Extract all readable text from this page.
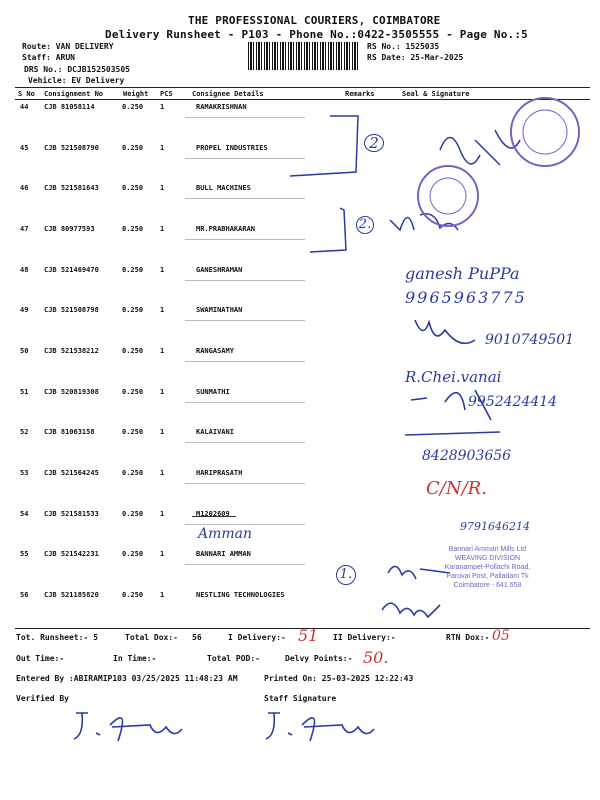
THE PROFESSIONAL COURIERS, COIMBATORE
Delivery Runsheet - P103 - Phone No.:0422-3505555 - Page No.:5
Route: VAN DELIVERY
Staff: ARUN
DRS No.: DCJB152503505
Vehicle: EV Delivery
RS No.: 1525035
RS Date: 25-Mar-2025
S No Consignment No	Weight PCS	Consignee Details	Remarks	Seal & Signature
44 CJB 81058114	0.250 1	RAMAKRISHNAN
45 CJB 521508790	0.250 1	PROPEL INDUSTRIES
46 CJB 521581643	0.250 1	BULL MACHINES
47 CJB 80977593	0.250 1	MR.PRABHAKARAN
48 CJB 521469470	0.250 1	GANESHRAMAN
49 CJB 521508798	0.250 1	SWAMINATHAN
50 CJB 521538212	0.250 1	RANGASAMY
51 CJB 520819308	0.250 1	SUNMATHI
52 CJB 81063158	0.250 1	KALAIVANI
53 CJB 521564245	0.250 1	HARIPRASATH
54 CJB 521581533	0.250 1	M1202609
55 CJB 521542231	0.250 1	BANNARI AMMAN
56 CJB 521185820	0.250 1	NESTLING TECHNOLOGIES
Amman
ganesh PuPPa
9965963775
9010749501
R.Chei.vanai
9952424414
8428903656
C/N/R.
9791646214
2
2.
1.
Bannari Amman Mills Ltd
WEAVING DIVISION
Karanampet-Pollachi Road,
Paruvai Post, Palladam Tk
Coimbatore - 641 658
Tot. Runsheet:- 5	Total Dox:- 56	I Delivery:- 51 II Delivery:-	RTN Dox:- 05
Out Time:-	In Time:-	Total POD:-	Delvy Points:- 50.
Entered By :ABIRAMIP103 03/25/2025 11:48:23 AM	Printed On: 25-03-2025 12:22:43
Verified By	Staff Signature
